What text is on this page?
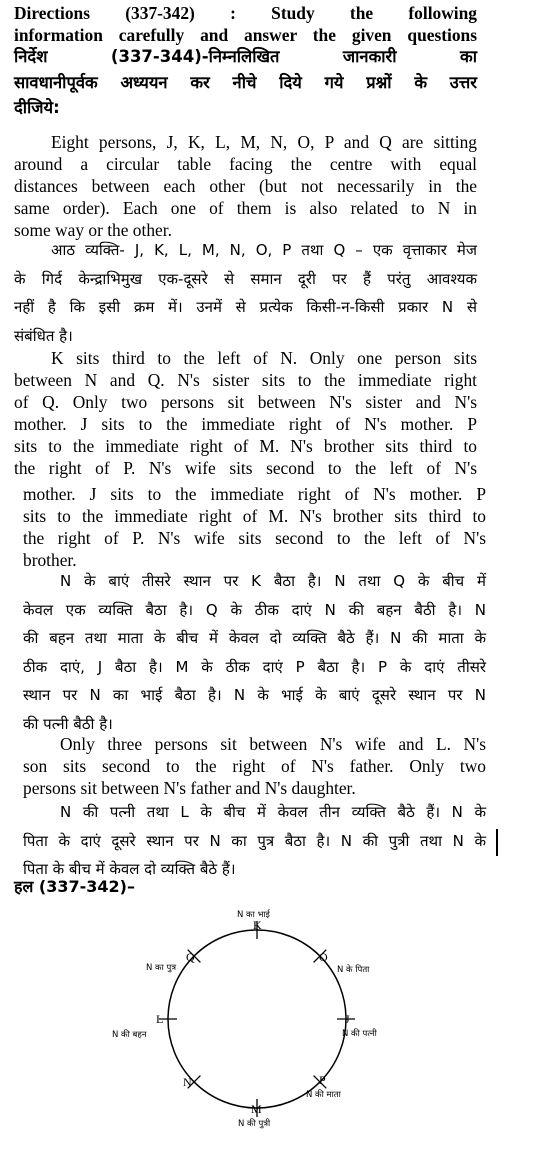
Directions (337-342) : Study the following
information carefully and answer the given questions
निर्देश (337-344)-निम्नलिखित जानकारी का
सावधानीपूर्वक अध्ययन कर नीचे दिये गये प्रश्नों के उत्तर
दीजिये:
Eight persons, J, K, L, M, N, O, P and Q are sitting
around a circular table facing the centre with equal
distances between each other (but not necessarily in the
same order). Each one of them is also related to N in
some way or the other.
आठ व्यक्ति- J, K, L, M, N, O, P तथा Q – एक वृत्ताकार मेज
के गिर्द केन्द्राभिमुख एक-दूसरे से समान दूरी पर हैं परंतु आवश्यक
नहीं है कि इसी क्रम में। उनमें से प्रत्येक किसी-न-किसी प्रकार N से
संबंधित है।
K sits third to the left of N. Only one person sits
between N and Q. N's sister sits to the immediate right
of Q. Only two persons sit between N's sister and N's
mother. J sits to the immediate right of N's mother. P
sits to the immediate right of M. N's brother sits third to
the right of P. N's wife sits second to the left of N's
mother. J sits to the immediate right of N's mother. P
sits to the immediate right of M. N's brother sits third to
the right of P. N's wife sits second to the left of N's
brother.
N के बाएं तीसरे स्थान पर K बैठा है। N तथा Q के बीच में
केवल एक व्यक्ति बैठा है। Q के ठीक दाएं N की बहन बैठी है। N
की बहन तथा माता के बीच में केवल दो व्यक्ति बैठे हैं। N की माता के
ठीक दाएं, J बैठा है। M के ठीक दाएं P बैठा है। P के दाएं तीसरे
स्थान पर N का भाई बैठा है। N के भाई के बाएं दूसरे स्थान पर N
की पत्नी बैठी है।
Only three persons sit between N's wife and L. N's
son sits second to the right of N's father. Only two
persons sit between N's father and N's daughter.
N की पत्नी तथा L के बीच में केवल तीन व्यक्ति बैठे हैं। N के
पिता के दाएं दूसरे स्थान पर N का पुत्र बैठा है। N की पुत्री तथा N के
पिता के बीच में केवल दो व्यक्ति बैठे हैं।
हल (337-342)–
N का भाई
K
O
N के पिता
J
N की पत्नी
P
N की माता
M
N की पुत्री
N
L
N की बहन
Q
N का पुत्र
